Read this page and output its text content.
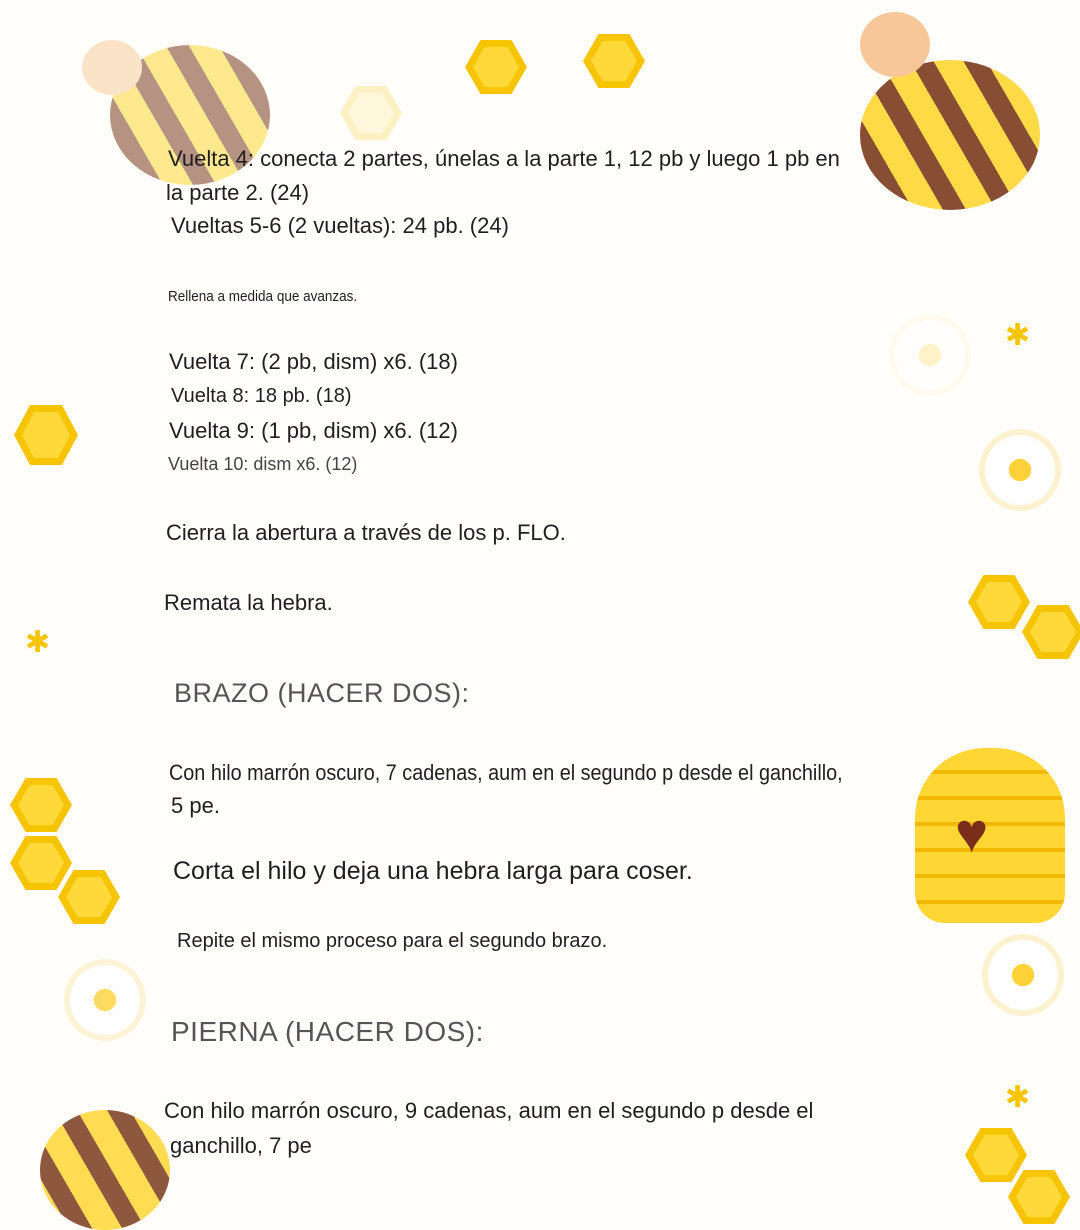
✱
✱
✱
♥
Vuelta 4: conecta 2 partes, únelas a la parte 1, 12 pb y luego 1 pb en
la parte 2. (24)
Vueltas 5-6 (2 vueltas): 24 pb. (24)
Rellena a medida que avanzas.
Vuelta 7: (2 pb, dism) x6. (18)
Vuelta 8: 18 pb. (18)
Vuelta 9: (1 pb, dism) x6. (12)
Vuelta 10: dism x6. (12)
Cierra la abertura a través de los p. FLO.
Remata la hebra.
BRAZO (HACER DOS):
Con hilo marrón oscuro, 7 cadenas, aum en el segundo p desde el ganchillo,
5 pe.
Corta el hilo y deja una hebra larga para coser.
Repite el mismo proceso para el segundo brazo.
PIERNA (HACER DOS):
Con hilo marrón oscuro, 9 cadenas, aum en el segundo p desde el
ganchillo, 7 pe
